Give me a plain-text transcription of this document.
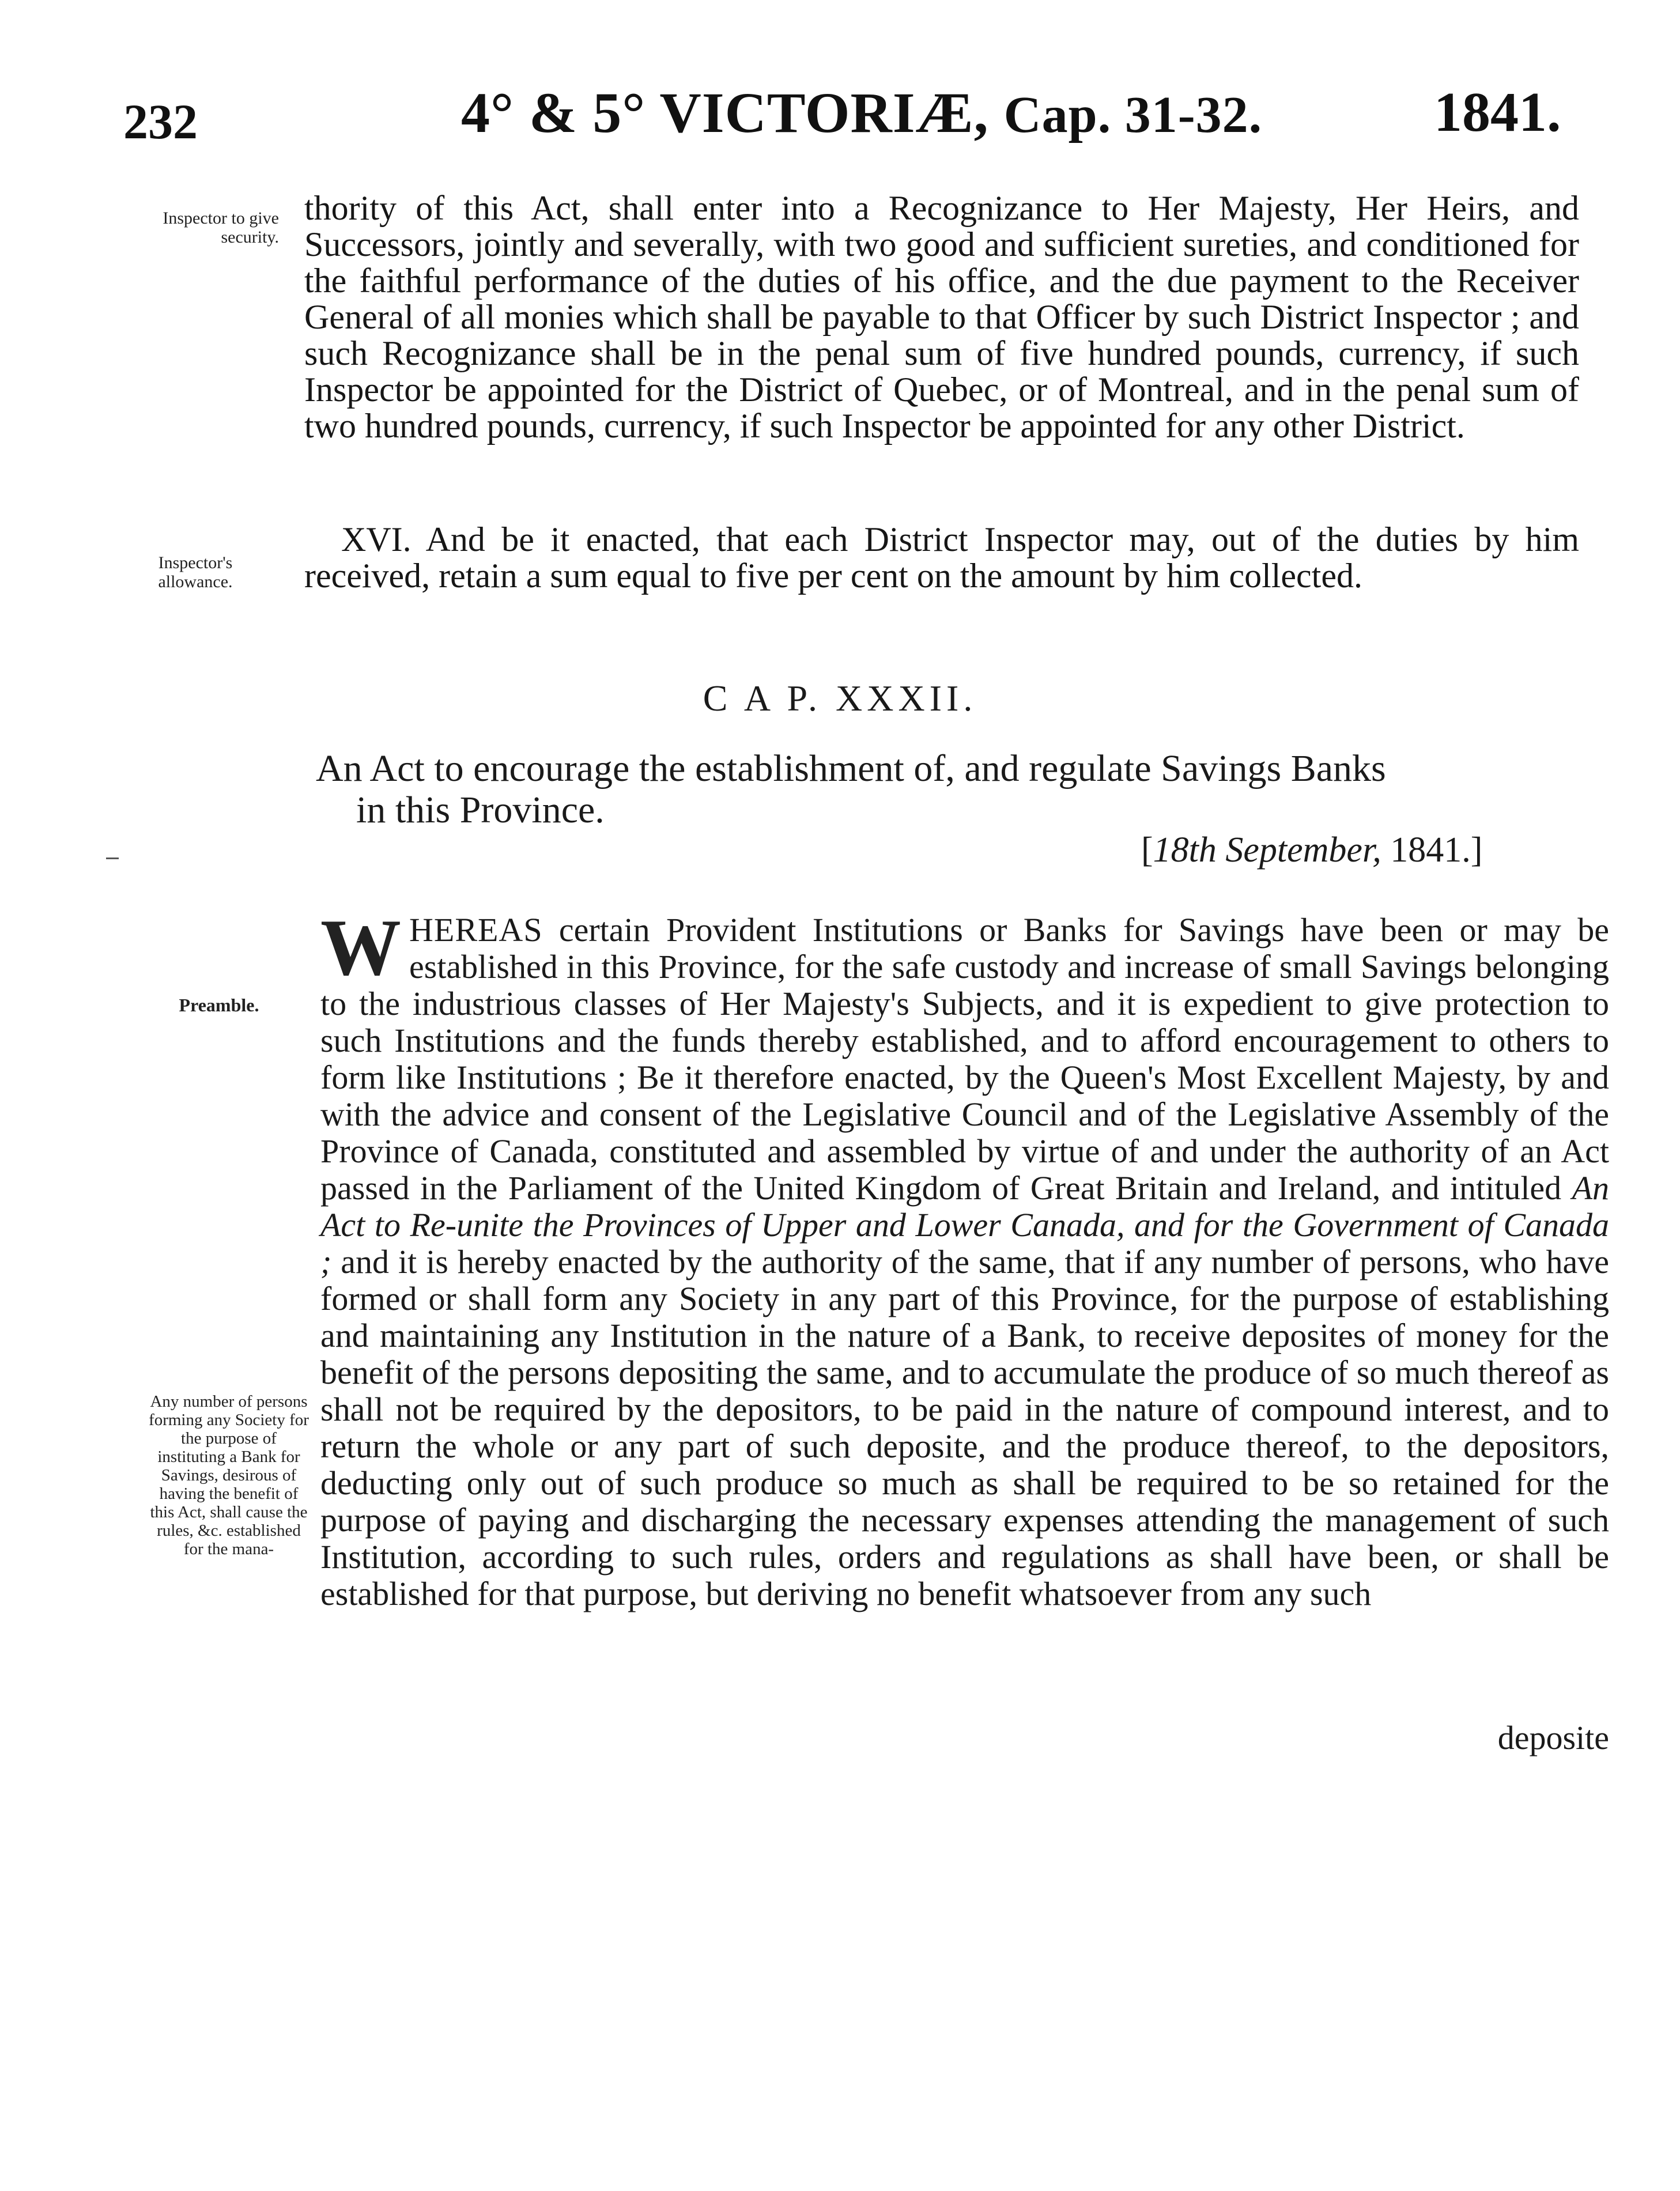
232	4° & 5° VICTORIÆ, Cap. 31-32.	1841.
Inspector to give security.
Inspector's allowance.
Preamble.
Any number of persons forming any Society for the purpose of instituting a Bank for Savings, desirous of having the benefit of this Act, shall cause the rules, &c. established for the mana-
thority of this Act, shall enter into a Recognizance to Her Majesty, Her Heirs, and Successors, jointly and severally, with two good and sufficient sureties, and conditioned for the faithful performance of the duties of his office, and the due payment to the Receiver General of all monies which shall be payable to that Officer by such District Inspector ; and such Recognizance shall be in the penal sum of five hundred pounds, currency, if such Inspector be appointed for the District of Quebec, or of Montreal, and in the penal sum of two hundred pounds, currency, if such Inspector be appointed for any other District.
XVI. And be it enacted, that each District Inspector may, out of the duties by him received, retain a sum equal to five per cent on the amount by him collected.
C A P. XXXII.
An Act to encourage the establishment of, and regulate Savings Banks
in this Province.
[18th September, 1841.]
WHEREAS certain Provident Institutions or Banks for Savings have been or may be established in this Province, for the safe custody and increase of small Savings belonging to the industrious classes of Her Majesty's Subjects, and it is expedient to give protection to such Institutions and the funds thereby established, and to afford encouragement to others to form like Institutions ; Be it therefore enacted, by the Queen's Most Excellent Majesty, by and with the advice and consent of the Legislative Council and of the Legislative Assembly of the Province of Canada, constituted and assembled by virtue of and under the authority of an Act passed in the Parliament of the United Kingdom of Great Britain and Ireland, and intituled An Act to Re-unite the Provinces of Upper and Lower Canada, and for the Government of Canada ; and it is hereby enacted by the authority of the same, that if any number of persons, who have formed or shall form any Society in any part of this Province, for the purpose of establishing and maintaining any Institution in the nature of a Bank, to receive deposites of money for the benefit of the persons depositing the same, and to accumulate the produce of so much thereof as shall not be required by the depositors, to be paid in the nature of compound interest, and to return the whole or any part of such deposite, and the produce thereof, to the depositors, deducting only out of such produce so much as shall be required to be so retained for the purpose of paying and discharging the necessary expenses attending the management of such Institution, according to such rules, orders and regulations as shall have been, or shall be established for that purpose, but deriving no benefit whatsoever from any such
deposite
